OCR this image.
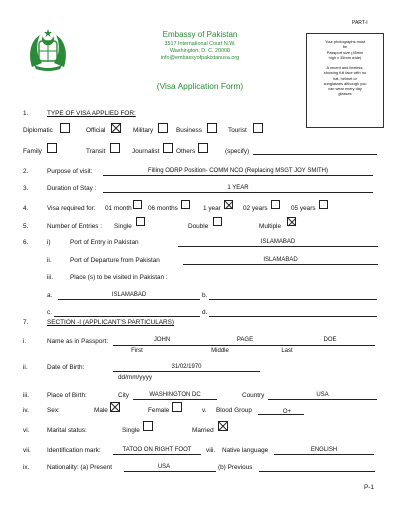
PART-I
Embassy of Pakistan
3517 International Court N.W.
Washington, D. C. 20008
info@embassyofpakistanusa.org
(Visa Application Form)
Your photographs must
be
Passport size (45mm
high x 35mm wide)
A recent and lineless,
showing full face with no
hat, helmet or
sunglasses although you
can wear every day
glasses
1.	TYPE OF VISA APPLIED FOR:
Diplomatic	Official	Military	Business	Tourist
Family	Transit	Journalist	Others	(specify)
2.	Purpose of visit:	Filling ODRP Position- COMM NCO (Replacing MSGT JOY SMITH)
3.	Duration of Stay :	1 YEAR
4.	Visa required for: 01 month	06 months	1 year	02 years	05 years
5.	Number of Entries : Single	Double	Multiple
6.	i)	Port of Entry in Pakistan	ISLAMABAD
ii.	Port of Departure from Pakistan	ISLAMABAD
iii.	Place (s) to be visited in Pakistan :
a.	ISLAMABAD	b.
c.	d.
7.	SECTION -I (APPLICANT'S PARTICULARS)
i.	Name as in Passport:	JOHN	PAGE	DOE
First	Middle	Last
ii.	Date of Birth:	31/02/1970
dd/mm/yyyy
iii.	Place of Birth:	City	WASHINGTON DC	Country	USA
iv.	Sex:	Male	Female	v. Blood Group	O+
vi.	Marital status:	Single	Married
vii.	Identification mark:	TATOO ON RIGHT FOOT	viii. Native language	ENGLISH
ix.	Nationality: (a) Present	USA	(b) Previous
P-1
